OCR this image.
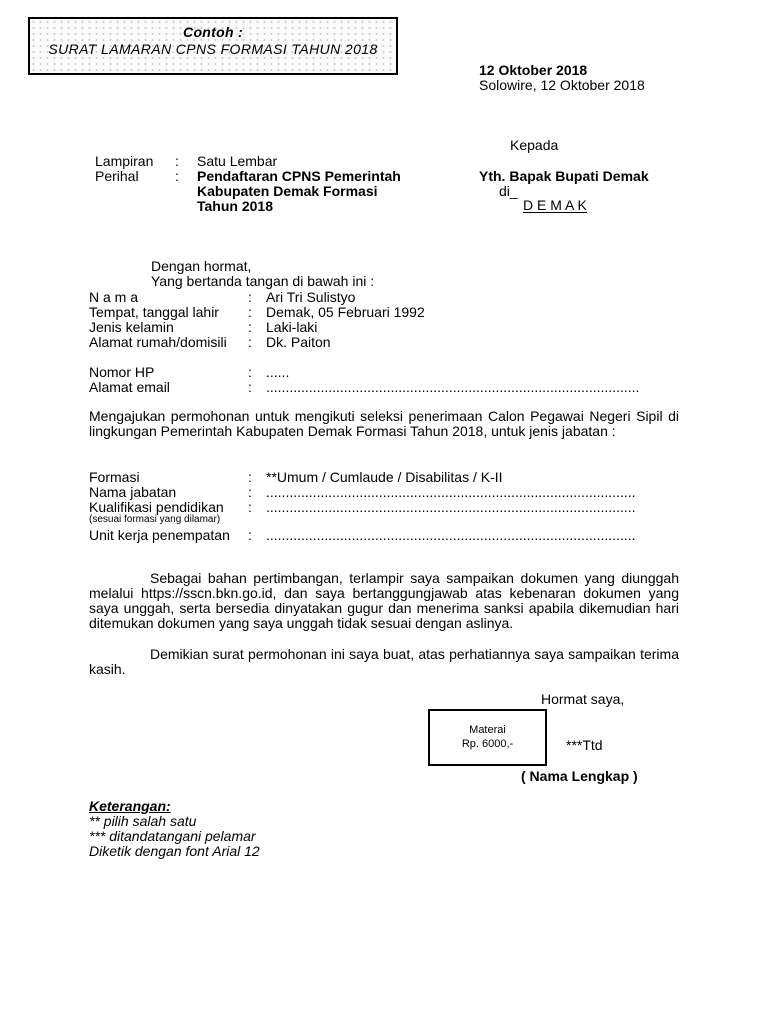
Contoh :
SURAT LAMARAN CPNS FORMASI TAHUN 2018
12 Oktober 2018
Solowire, 12 Oktober 2018
Kepada
Yth. Bapak Bupati Demak
di_
D E M A K
Lampiran : Satu Lembar
Perihal	: Pendaftaran CPNS Pemerintah
Kabupaten Demak Formasi
Tahun 2018
Dengan hormat,
Yang bertanda tangan di bawah ini :
N a m a	: Ari Tri Sulistyo
Tempat, tanggal lahir : Demak, 05 Februari 1992
Jenis kelamin	: Laki-laki
Alamat rumah/domisili : Dk. Paiton
Nomor HP	: ......
Alamat email	: ................................................................................................
Mengajukan permohonan untuk mengikuti seleksi penerimaan Calon Pegawai Negeri Sipil di lingkungan Pemerintah Kabupaten Demak Formasi Tahun 2018, untuk jenis jabatan :
Formasi	: **Umum / Cumlaude / Disabilitas / K-II
Nama jabatan	: ...............................................................................................
Kualifikasi pendidikan : ...............................................................................................
(sesuai formasi yang dilamar)
Unit kerja penempatan : ...............................................................................................
Sebagai bahan pertimbangan, terlampir saya sampaikan dokumen yang diunggah melalui https://sscn.bkn.go.id, dan saya bertanggungjawab atas kebenaran dokumen yang saya unggah, serta bersedia dinyatakan gugur dan menerima sanksi apabila dikemudian hari ditemukan dokumen yang saya unggah tidak sesuai dengan aslinya.
Demikian surat permohonan ini saya buat, atas perhatiannya saya sampaikan terima kasih.
Hormat saya,
Materai
Rp. 6000,-	***Ttd
( Nama Lengkap )
Keterangan:
** pilih salah satu
*** ditandatangani pelamar
Diketik dengan font Arial 12
